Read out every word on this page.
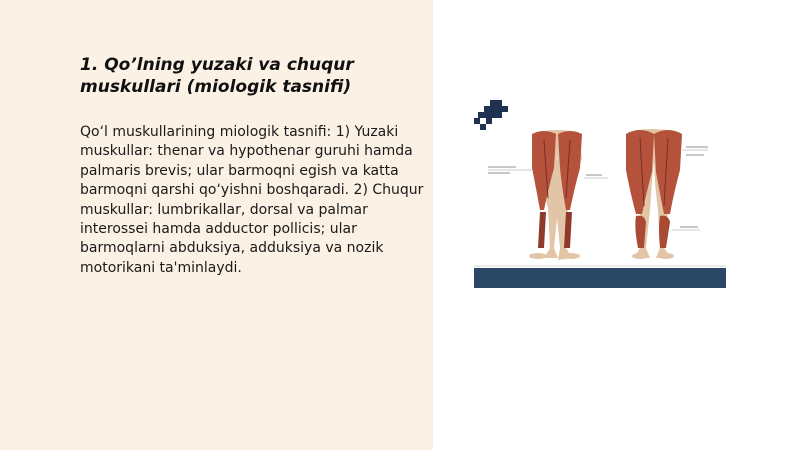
1. Qo’lning yuzaki va chuqur muskullari (miologik tasnifi)

Qo‘l muskullarining miologik tasnifi: 1) Yuzaki muskullar: thenar va hypothenar guruhi hamda palmaris brevis; ular barmoqni egish va katta barmoqni qarshi qo‘yishni boshqaradi. 2) Chuqur muskullar: lumbrikallar, dorsal va palmar interossei hamda adductor pollicis; ular barmoqlarni abduksiya, adduksiya va nozik motorikani ta'minlaydi.
